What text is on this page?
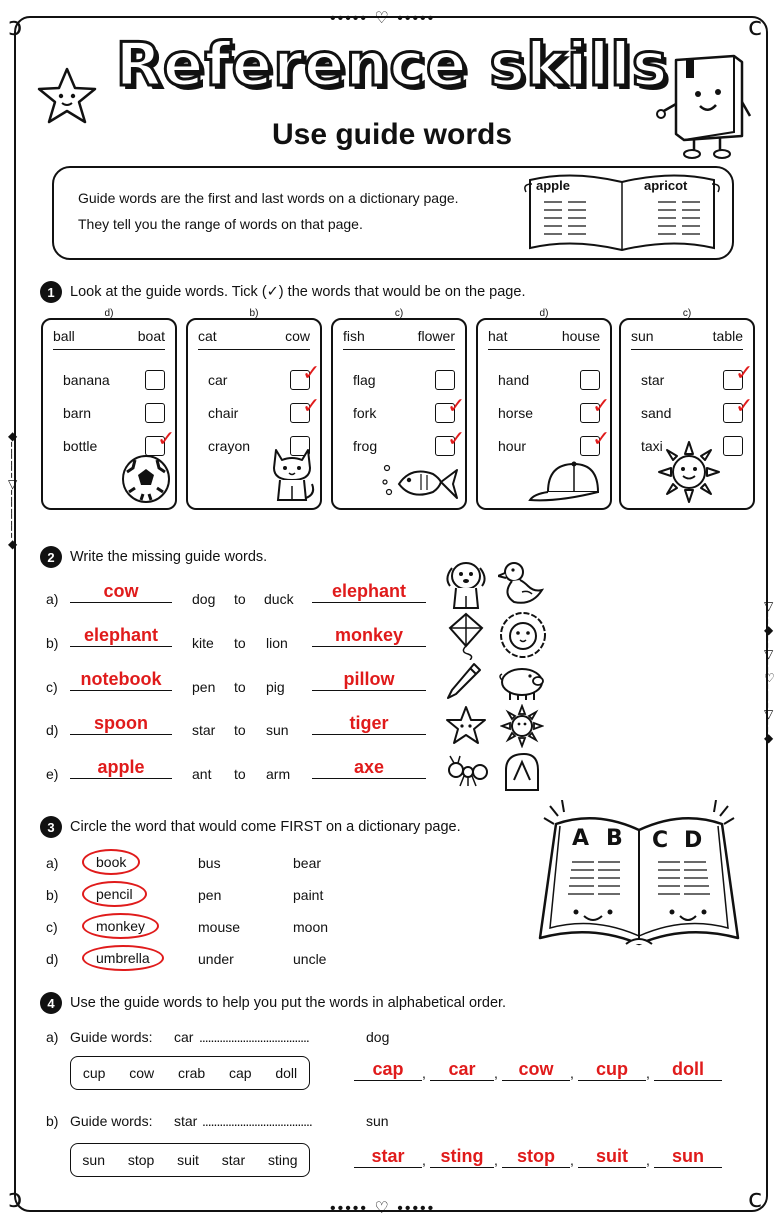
ↄ	c
ↄ	c
••••• ♡ •••••
••••• ♡ •••••
◆
╎
╎
╎
▽
╎
╎
╎
╎
◆
▽
╎
◆
╎
▽
╎
♡
╎
╎
▽
╎
◆
Reference skills
Use guide words
Guide words are the first and last words on a dictionary page.
They tell you the range of words on that page.
apple	apricot
1	Look at the guide words. Tick (✓) the words that would be on the page.
d)
ball	boat
banana
barn
bottle	✓
b)
cat	cow
car	✓
chair	✓
crayon
c)
fish	flower
flag
fork	✓
frog	✓
d)
hat	house
hand
horse	✓
hour	✓
c)
sun	table
star	✓
sand	✓
taxi
2	Write the missing guide words.
a)	cow	dog to duck	elephant
b)	elephant	kite to lion	monkey
c)	notebook	pen to pig	pillow
d)	spoon	star to sun	tiger
e)	apple	ant to arm	axe
3	Circle the word that would come FIRST on a dictionary page.
a)	book	bus	bear
b)	pencil	pen	paint
c)	monkey	mouse	moon
d)	umbrella	under	uncle
A B C D
4	Use the guide words to help you put the words in alphabetical order.
a) Guide words: car ......................................	dog
cup cow crab cap doll	cap	,	car	,	cow	,	cup	,	doll
b) Guide words: star ......................................	sun
sun stop suit star sting	star	, sting ,	stop	,	suit	,	sun
